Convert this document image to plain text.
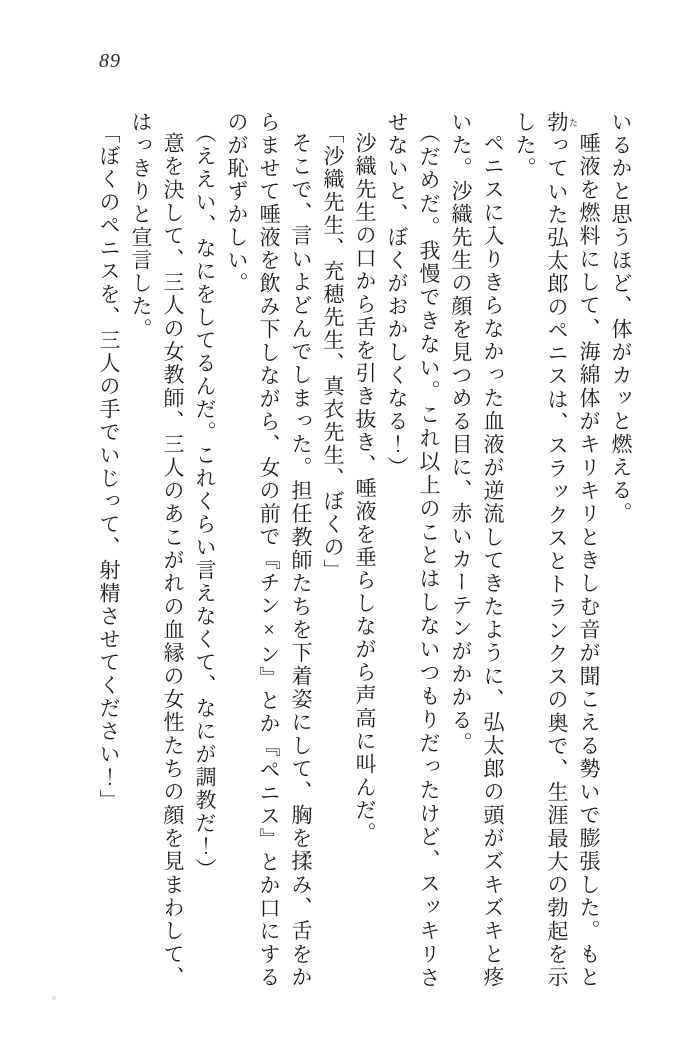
89

いるかと思うほど、体がカッと燃える。

唾液を燃料にして、海綿体がキリキリときしむ音が聞こえる勢いで膨張した。もと勃 たっていた弘太郎のペニスは、スラックスとトランクスの奥で、生涯最大の勃起を示した。

ペニスに入りきらなかった血液が逆流してきたように、弘太郎の頭がズキズキと疼いた。沙織先生の顔を見つめる目に、赤いカーテンがかかる。

（だめだ。我慢できない。これ以上のことはしないつもりだったけど、スッキリさせないと、ぼくがおかしくなる！）

沙織先生の口から舌を引き抜き、唾液を垂らしながら声高に叫んだ。

「沙織先生、充穂先生、真衣先生、ぼくの」

そこで、言いよどんでしまった。担任教師たちを下着姿にして、胸を揉み、舌をからませて唾液を飲み下しながら、女の前で『チン×ン』とか『ペニス』とか口にするのが恥ずかしい。

（ええい、なにをしてるんだ。これくらい言えなくて、なにが調教だ！）

意を決して、三人の女教師、三人のあこがれの血縁の女性たちの顔を見まわして、はっきりと宣言した。

「ぼくのペニスを、三人の手でいじって、射精させてください！」
